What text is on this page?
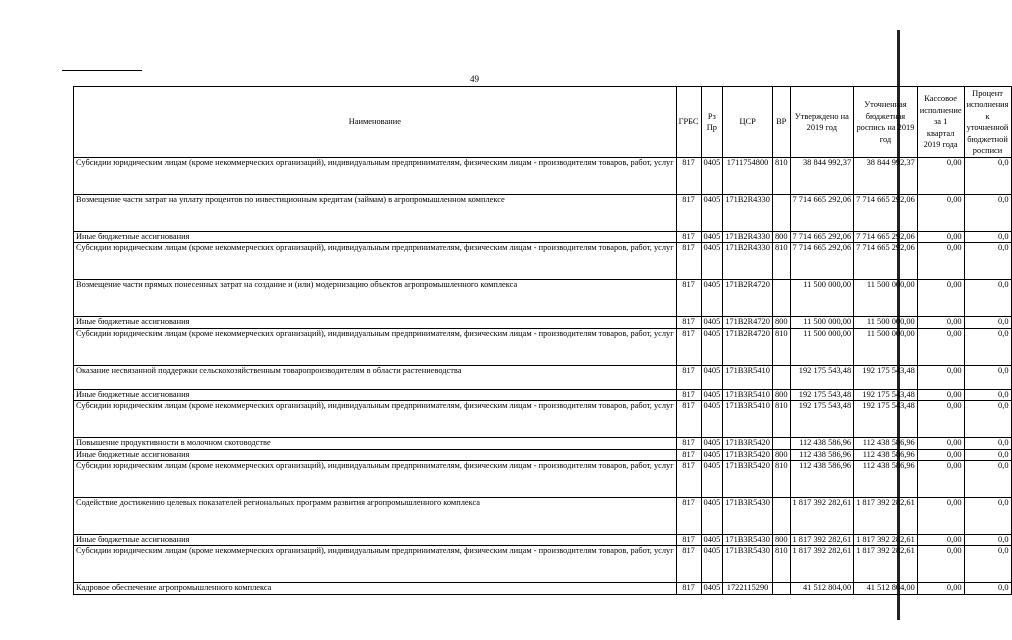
49
Наименование	ГРБС	Рз Пр	ЦСР	ВР	Утверждено на 2019 год	Уточненная бюджетная роспись на 2019 год	Кассовое исполнение за 1 квартал 2019 года	Процент исполнения к уточненной бюджетной росписи
Субсидии юридическим лицам (кроме некоммерческих организаций), индивидуальным предпринимателям, физическим лицам - производителям товаров, работ, услуг	817	0405	1711754800	810	38 844 992,37	38 844 992,37	0,00	0,0
Возмещение части затрат на уплату процентов по инвестиционным кредитам (займам) в агропромышленном комплексе	817	0405	171B2R4330		7 714 665 292,06	7 714 665 292,06	0,00	0,0
Иные бюджетные ассигнования	817	0405	171B2R4330	800	7 714 665 292,06	7 714 665 292,06	0,00	0,0
Субсидии юридическим лицам (кроме некоммерческих организаций), индивидуальным предпринимателям, физическим лицам - производителям товаров, работ, услуг	817	0405	171B2R4330	810	7 714 665 292,06	7 714 665 292,06	0,00	0,0
Возмещение части прямых понесенных затрат на создание и (или) модернизацию объектов агропромышленного комплекса	817	0405	171B2R4720		11 500 000,00	11 500 000,00	0,00	0,0
Иные бюджетные ассигнования	817	0405	171B2R4720	800	11 500 000,00	11 500 000,00	0,00	0,0
Субсидии юридическим лицам (кроме некоммерческих организаций), индивидуальным предпринимателям, физическим лицам - производителям товаров, работ, услуг	817	0405	171B2R4720	810	11 500 000,00	11 500 000,00	0,00	0,0
Оказание несвязанной поддержки сельскохозяйственным товаропроизводителям в области растениеводства	817	0405	171B3R5410		192 175 543,48	192 175 543,48	0,00	0,0
Иные бюджетные ассигнования	817	0405	171B3R5410	800	192 175 543,48	192 175 543,48	0,00	0,0
Субсидии юридическим лицам (кроме некоммерческих организаций), индивидуальным предпринимателям, физическим лицам - производителям товаров, работ, услуг	817	0405	171B3R5410	810	192 175 543,48	192 175 543,48	0,00	0,0
Повышение продуктивности в молочном скотоводстве	817	0405	171B3R5420		112 438 586,96	112 438 586,96	0,00	0,0
Иные бюджетные ассигнования	817	0405	171B3R5420	800	112 438 586,96	112 438 586,96	0,00	0,0
Субсидии юридическим лицам (кроме некоммерческих организаций), индивидуальным предпринимателям, физическим лицам - производителям товаров, работ, услуг	817	0405	171B3R5420	810	112 438 586,96	112 438 586,96	0,00	0,0
Содействие достижению целевых показателей региональных программ развития агропромышленного комплекса	817	0405	171B3R5430		1 817 392 282,61	1 817 392 282,61	0,00	0,0
Иные бюджетные ассигнования	817	0405	171B3R5430	800	1 817 392 282,61	1 817 392 282,61	0,00	0,0
Субсидии юридическим лицам (кроме некоммерческих организаций), индивидуальным предпринимателям, физическим лицам - производителям товаров, работ, услуг	817	0405	171B3R5430	810	1 817 392 282,61	1 817 392 282,61	0,00	0,0
Кадровое обеспечение агропромышленного комплекса	817	0405	1722115290		41 512 804,00	41 512 804,00	0,00	0,0
